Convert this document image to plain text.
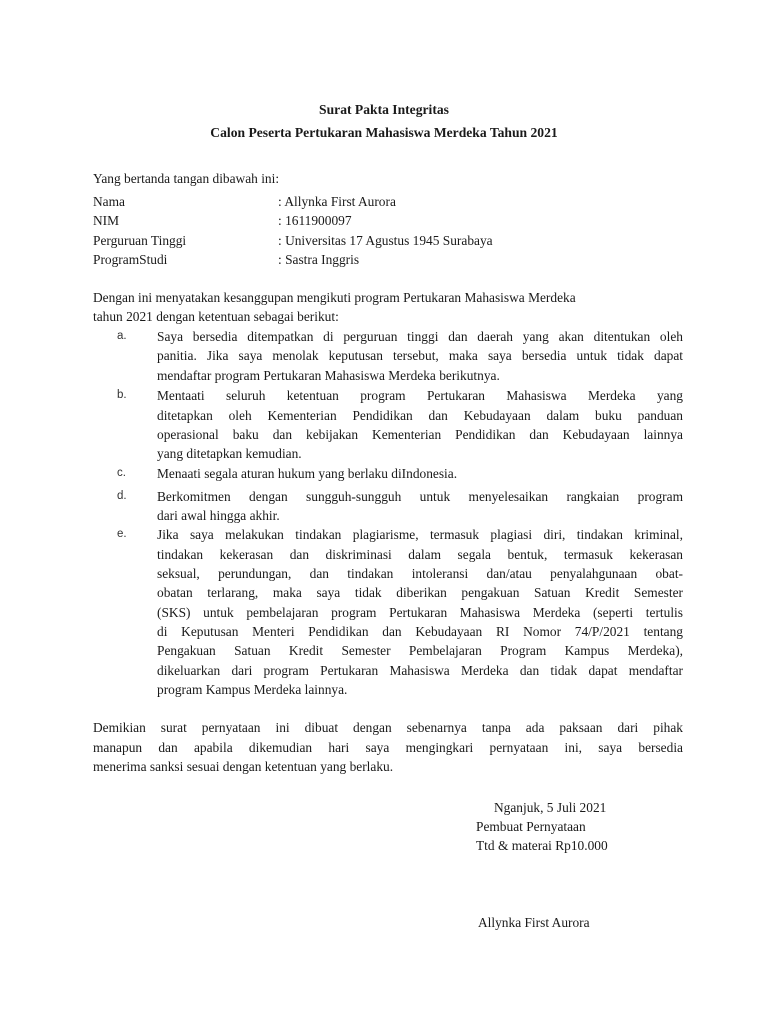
Surat Pakta Integritas
Calon Peserta Pertukaran Mahasiswa Merdeka Tahun 2021
Yang bertanda tangan dibawah ini:
Nama	: Allynka First Aurora
NIM	: 1611900097
Perguruan Tinggi	: Universitas 17 Agustus 1945 Surabaya
ProgramStudi	: Sastra Inggris
Dengan ini menyatakan kesanggupan mengikuti program Pertukaran Mahasiswa Merdeka
tahun 2021 dengan ketentuan sebagai berikut:
a.	Saya bersedia ditempatkan di perguruan tinggi dan daerah yang akan ditentukan oleh
panitia. Jika saya menolak keputusan tersebut, maka saya bersedia untuk tidak dapat
mendaftar program Pertukaran Mahasiswa Merdeka berikutnya.
b.	Mentaati seluruh ketentuan program Pertukaran Mahasiswa Merdeka yang
ditetapkan oleh Kementerian Pendidikan dan Kebudayaan dalam buku panduan
operasional baku dan kebijakan Kementerian Pendidikan dan Kebudayaan lainnya
yang ditetapkan kemudian.
c.	Menaati segala aturan hukum yang berlaku diIndonesia.
d.	Berkomitmen dengan sungguh-sungguh untuk menyelesaikan rangkaian program
dari awal hingga akhir.
e.	Jika saya melakukan tindakan plagiarisme, termasuk plagiasi diri, tindakan kriminal,
tindakan kekerasan dan diskriminasi dalam segala bentuk, termasuk kekerasan
seksual, perundungan, dan tindakan intoleransi dan/atau penyalahgunaan obat-
obatan terlarang, maka saya tidak diberikan pengakuan Satuan Kredit Semester
(SKS) untuk pembelajaran program Pertukaran Mahasiswa Merdeka (seperti tertulis
di Keputusan Menteri Pendidikan dan Kebudayaan RI Nomor 74/P/2021 tentang
Pengakuan Satuan Kredit Semester Pembelajaran Program Kampus Merdeka),
dikeluarkan dari program Pertukaran Mahasiswa Merdeka dan tidak dapat mendaftar
program Kampus Merdeka lainnya.
Demikian surat pernyataan ini dibuat dengan sebenarnya tanpa ada paksaan dari pihak
manapun dan apabila dikemudian hari saya mengingkari pernyataan ini, saya bersedia
menerima sanksi sesuai dengan ketentuan yang berlaku.
Nganjuk, 5 Juli 2021
Pembuat Pernyataan
Ttd & materai Rp10.000
Allynka First Aurora
